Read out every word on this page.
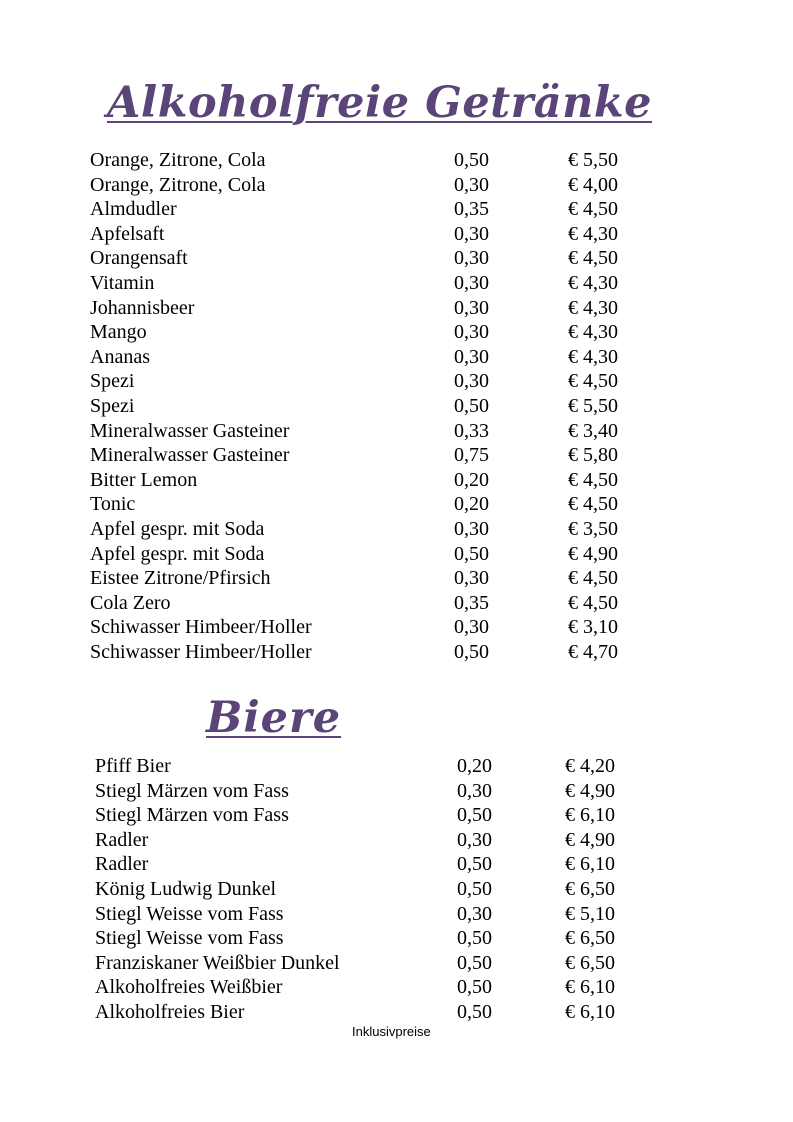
Alkoholfreie Getränke
Orange, Zitrone, Cola	0,50	€ 5,50
Orange, Zitrone, Cola	0,30	€ 4,00
Almdudler	0,35	€ 4,50
Apfelsaft	0,30	€ 4,30
Orangensaft	0,30	€ 4,50
Vitamin	0,30	€ 4,30
Johannisbeer	0,30	€ 4,30
Mango	0,30	€ 4,30
Ananas	0,30	€ 4,30
Spezi	0,30	€ 4,50
Spezi	0,50	€ 5,50
Mineralwasser Gasteiner	0,33	€ 3,40
Mineralwasser Gasteiner	0,75	€ 5,80
Bitter Lemon	0,20	€ 4,50
Tonic	0,20	€ 4,50
Apfel gespr. mit Soda	0,30	€ 3,50
Apfel gespr. mit Soda	0,50	€ 4,90
Eistee Zitrone/Pfirsich	0,30	€ 4,50
Cola Zero	0,35	€ 4,50
Schiwasser Himbeer/Holler	0,30	€ 3,10
Schiwasser Himbeer/Holler	0,50	€ 4,70
Biere
Pfiff Bier	0,20	€ 4,20
Stiegl Märzen vom Fass	0,30	€ 4,90
Stiegl Märzen vom Fass	0,50	€ 6,10
Radler	0,30	€ 4,90
Radler	0,50	€ 6,10
König Ludwig Dunkel	0,50	€ 6,50
Stiegl Weisse vom Fass	0,30	€ 5,10
Stiegl Weisse vom Fass	0,50	€ 6,50
Franziskaner Weißbier Dunkel	0,50	€ 6,50
Alkoholfreies Weißbier	0,50	€ 6,10
Alkoholfreies Bier	0,50	€ 6,10
Inklusivpreise
